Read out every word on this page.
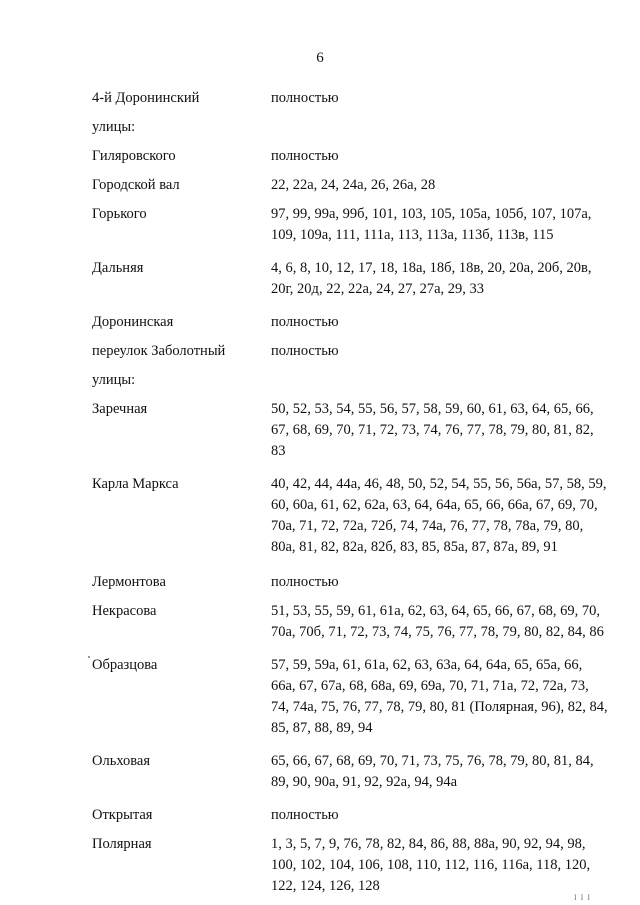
6
4-й Доронинский	полностью
улицы:
Гиляровского	полностью
Городской вал	22, 22а, 24, 24а, 26, 26а, 28
Горького	97, 99, 99а, 99б, 101, 103, 105, 105а, 105б, 107, 107а, 109, 109а, 111, 111а, 113, 113а, 113б, 113в, 115
Дальняя	4, 6, 8, 10, 12, 17, 18, 18а, 18б, 18в, 20, 20а, 20б, 20в, 20г, 20д, 22, 22а, 24, 27, 27а, 29, 33
Доронинская	полностью
переулок Заболотный	полностью
улицы:
Заречная	50, 52, 53, 54, 55, 56, 57, 58, 59, 60, 61, 63, 64, 65, 66, 67, 68, 69, 70, 71, 72, 73, 74, 76, 77, 78, 79, 80, 81, 82, 83
Карла Маркса	40, 42, 44, 44а, 46, 48, 50, 52, 54, 55, 56, 56а, 57, 58, 59, 60, 60а, 61, 62, 62а, 63, 64, 64а, 65, 66, 66а, 67, 69, 70, 70а, 71, 72, 72а, 72б, 74, 74а, 76, 77, 78, 78а, 79, 80, 80а, 81, 82, 82а, 82б, 83, 85, 85а, 87, 87а, 89, 91
Лермонтова	полностью
Некрасова	51, 53, 55, 59, 61, 61а, 62, 63, 64, 65, 66, 67, 68, 69, 70, 70а, 70б, 71, 72, 73, 74, 75, 76, 77, 78, 79, 80, 82, 84, 86
Образцова	57, 59, 59а, 61, 61а, 62, 63, 63а, 64, 64а, 65, 65а, 66, 66а, 67, 67а, 68, 68а, 69, 69а, 70, 71, 71а, 72, 72а, 73, 74, 74а, 75, 76, 77, 78, 79, 80, 81 (Полярная, 96), 82, 84, 85, 87, 88, 89, 94
Ольховая	65, 66, 67, 68, 69, 70, 71, 73, 75, 76, 78, 79, 80, 81, 84, 89, 90, 90а, 91, 92, 92а, 94, 94а
Открытая	полностью
Полярная	1, 3, 5, 7, 9, 76, 78, 82, 84, 86, 88, 88а, 90, 92, 94, 98, 100, 102, 104, 106, 108, 110, 112, 116, 116а, 118, 120, 122, 124, 126, 128
I I I
